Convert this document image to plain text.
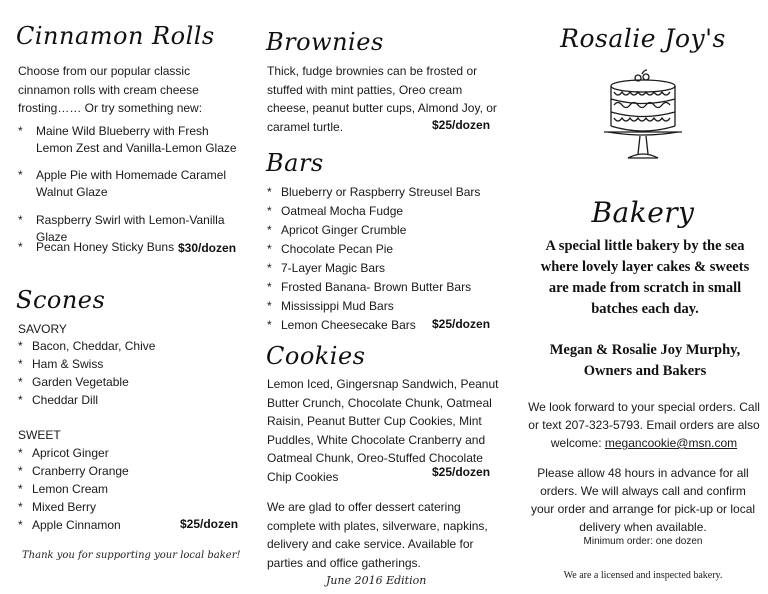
Cinnamon Rolls
Choose from our popular classic cinnamon rolls with cream cheese frosting…… Or try something new:
* Maine Wild Blueberry with Fresh Lemon Zest and Vanilla-Lemon Glaze
* Apple Pie with Homemade Caramel Walnut Glaze
* Raspberry Swirl with Lemon-Vanilla Glaze
* Pecan Honey Sticky Buns $30/dozen
Scones
SAVORY
* Bacon, Cheddar, Chive
* Ham & Swiss
* Garden Vegetable
* Cheddar Dill
SWEET
* Apricot Ginger
* Cranberry Orange
* Lemon Cream
* Mixed Berry
* Apple Cinnamon	$25/dozen
Thank you for supporting your local baker!
Brownies
Thick, fudge brownies can be frosted or stuffed with mint patties, Oreo cream cheese, peanut butter cups, Almond Joy, or caramel turtle.	$25/dozen
Bars
* Blueberry or Raspberry Streusel Bars
* Oatmeal Mocha Fudge
* Apricot Ginger Crumble
* Chocolate Pecan Pie
* 7-Layer Magic Bars
* Frosted Banana- Brown Butter Bars
* Mississippi Mud Bars
* Lemon Cheesecake Bars $25/dozen
Cookies
Lemon Iced, Gingersnap Sandwich, Peanut Butter Crunch, Chocolate Chunk, Oatmeal Raisin, Peanut Butter Cup Cookies, Mint Puddles, White Chocolate Cranberry and Oatmeal Chunk, Oreo-Stuffed Chocolate Chip Cookies	$25/dozen
We are glad to offer dessert catering complete with plates, silverware, napkins, delivery and cake service. Available for parties and office gatherings.
June 2016 Edition
Rosalie Joy's
Bakery
A special little bakery by the sea where lovely layer cakes & sweets are made from scratch in small batches each day.
Megan & Rosalie Joy Murphy, Owners and Bakers
We look forward to your special orders. Call or text 207-323-5793. Email orders are also welcome: megancookie@msn.com
Please allow 48 hours in advance for all orders. We will always call and confirm your order and arrange for pick-up or local delivery when available.
Minimum order: one dozen
We are a licensed and inspected bakery.
